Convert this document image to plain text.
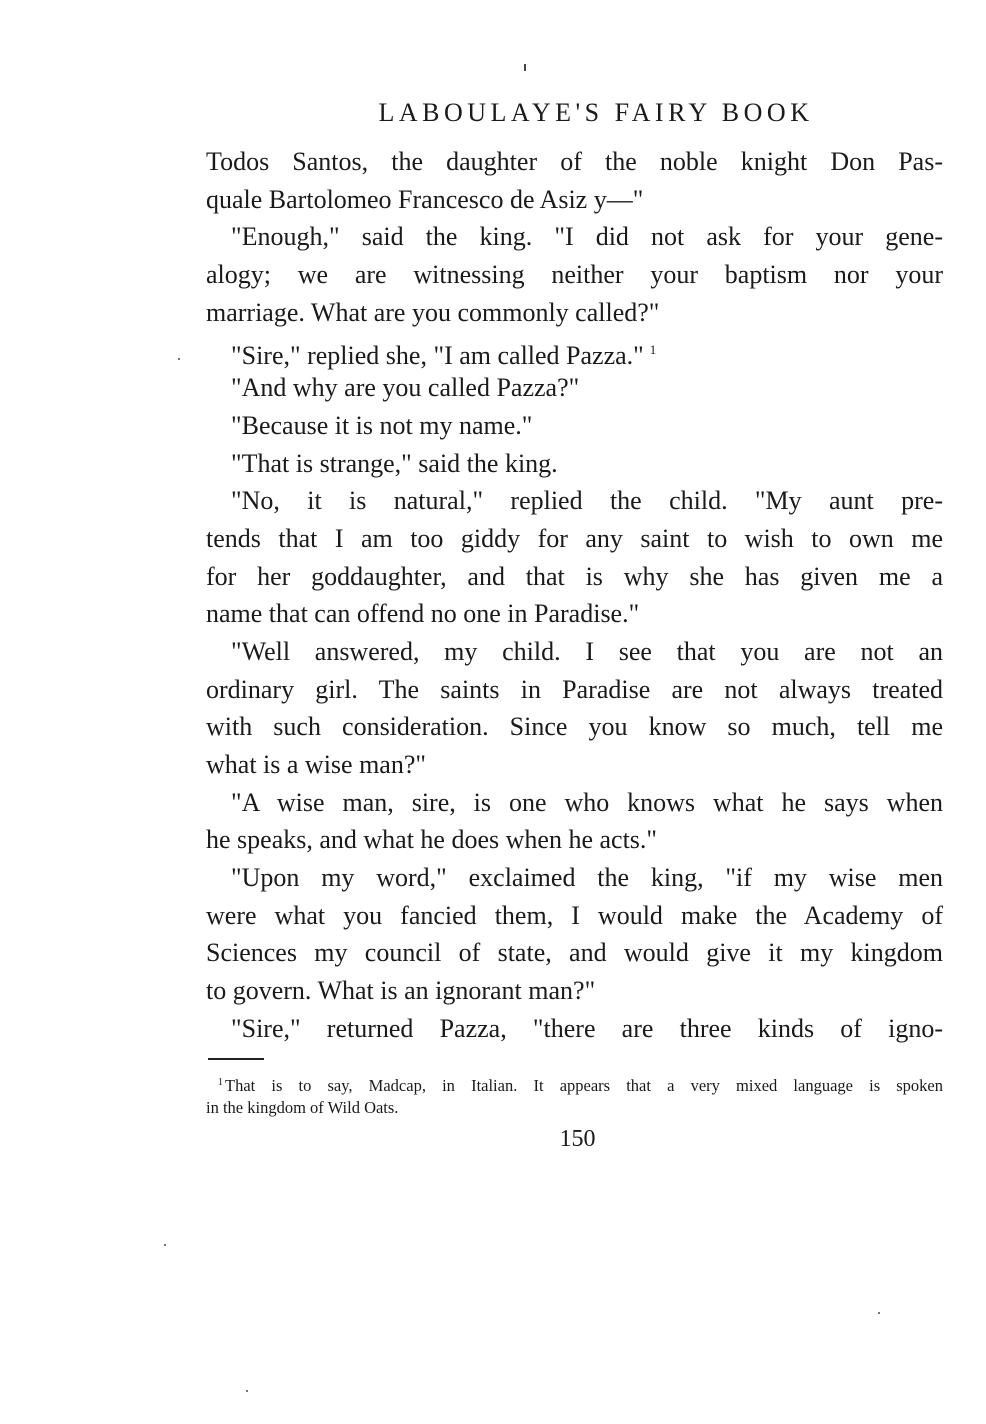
LABOULAYE'S FAIRY BOOK
Todos Santos, the daughter of the noble knight Don Pas-
quale Bartolomeo Francesco de Asiz y—"
"Enough," said the king. "I did not ask for your gene-
alogy; we are witnessing neither your baptism nor your
marriage. What are you commonly called?"
"Sire," replied she, "I am called Pazza." $^1$
"And why are you called Pazza?"
"Because it is not my name."
"That is strange," said the king.
"No, it is natural," replied the child. "My aunt pre-
tends that I am too giddy for any saint to wish to own me
for her goddaughter, and that is why she has given me a
name that can offend no one in Paradise."
"Well answered, my child. I see that you are not an
ordinary girl. The saints in Paradise are not always treated
with such consideration. Since you know so much, tell me
what is a wise man?"
"A wise man, sire, is one who knows what he says when
he speaks, and what he does when he acts."
"Upon my word," exclaimed the king, "if my wise men
were what you fancied them, I would make the Academy of
Sciences my council of state, and would give it my kingdom
to govern. What is an ignorant man?"
"Sire," returned Pazza, "there are three kinds of igno-
$^1$ That is to say, Madcap, in Italian. It appears that a very mixed language is spoken
in the kingdom of Wild Oats.
150
